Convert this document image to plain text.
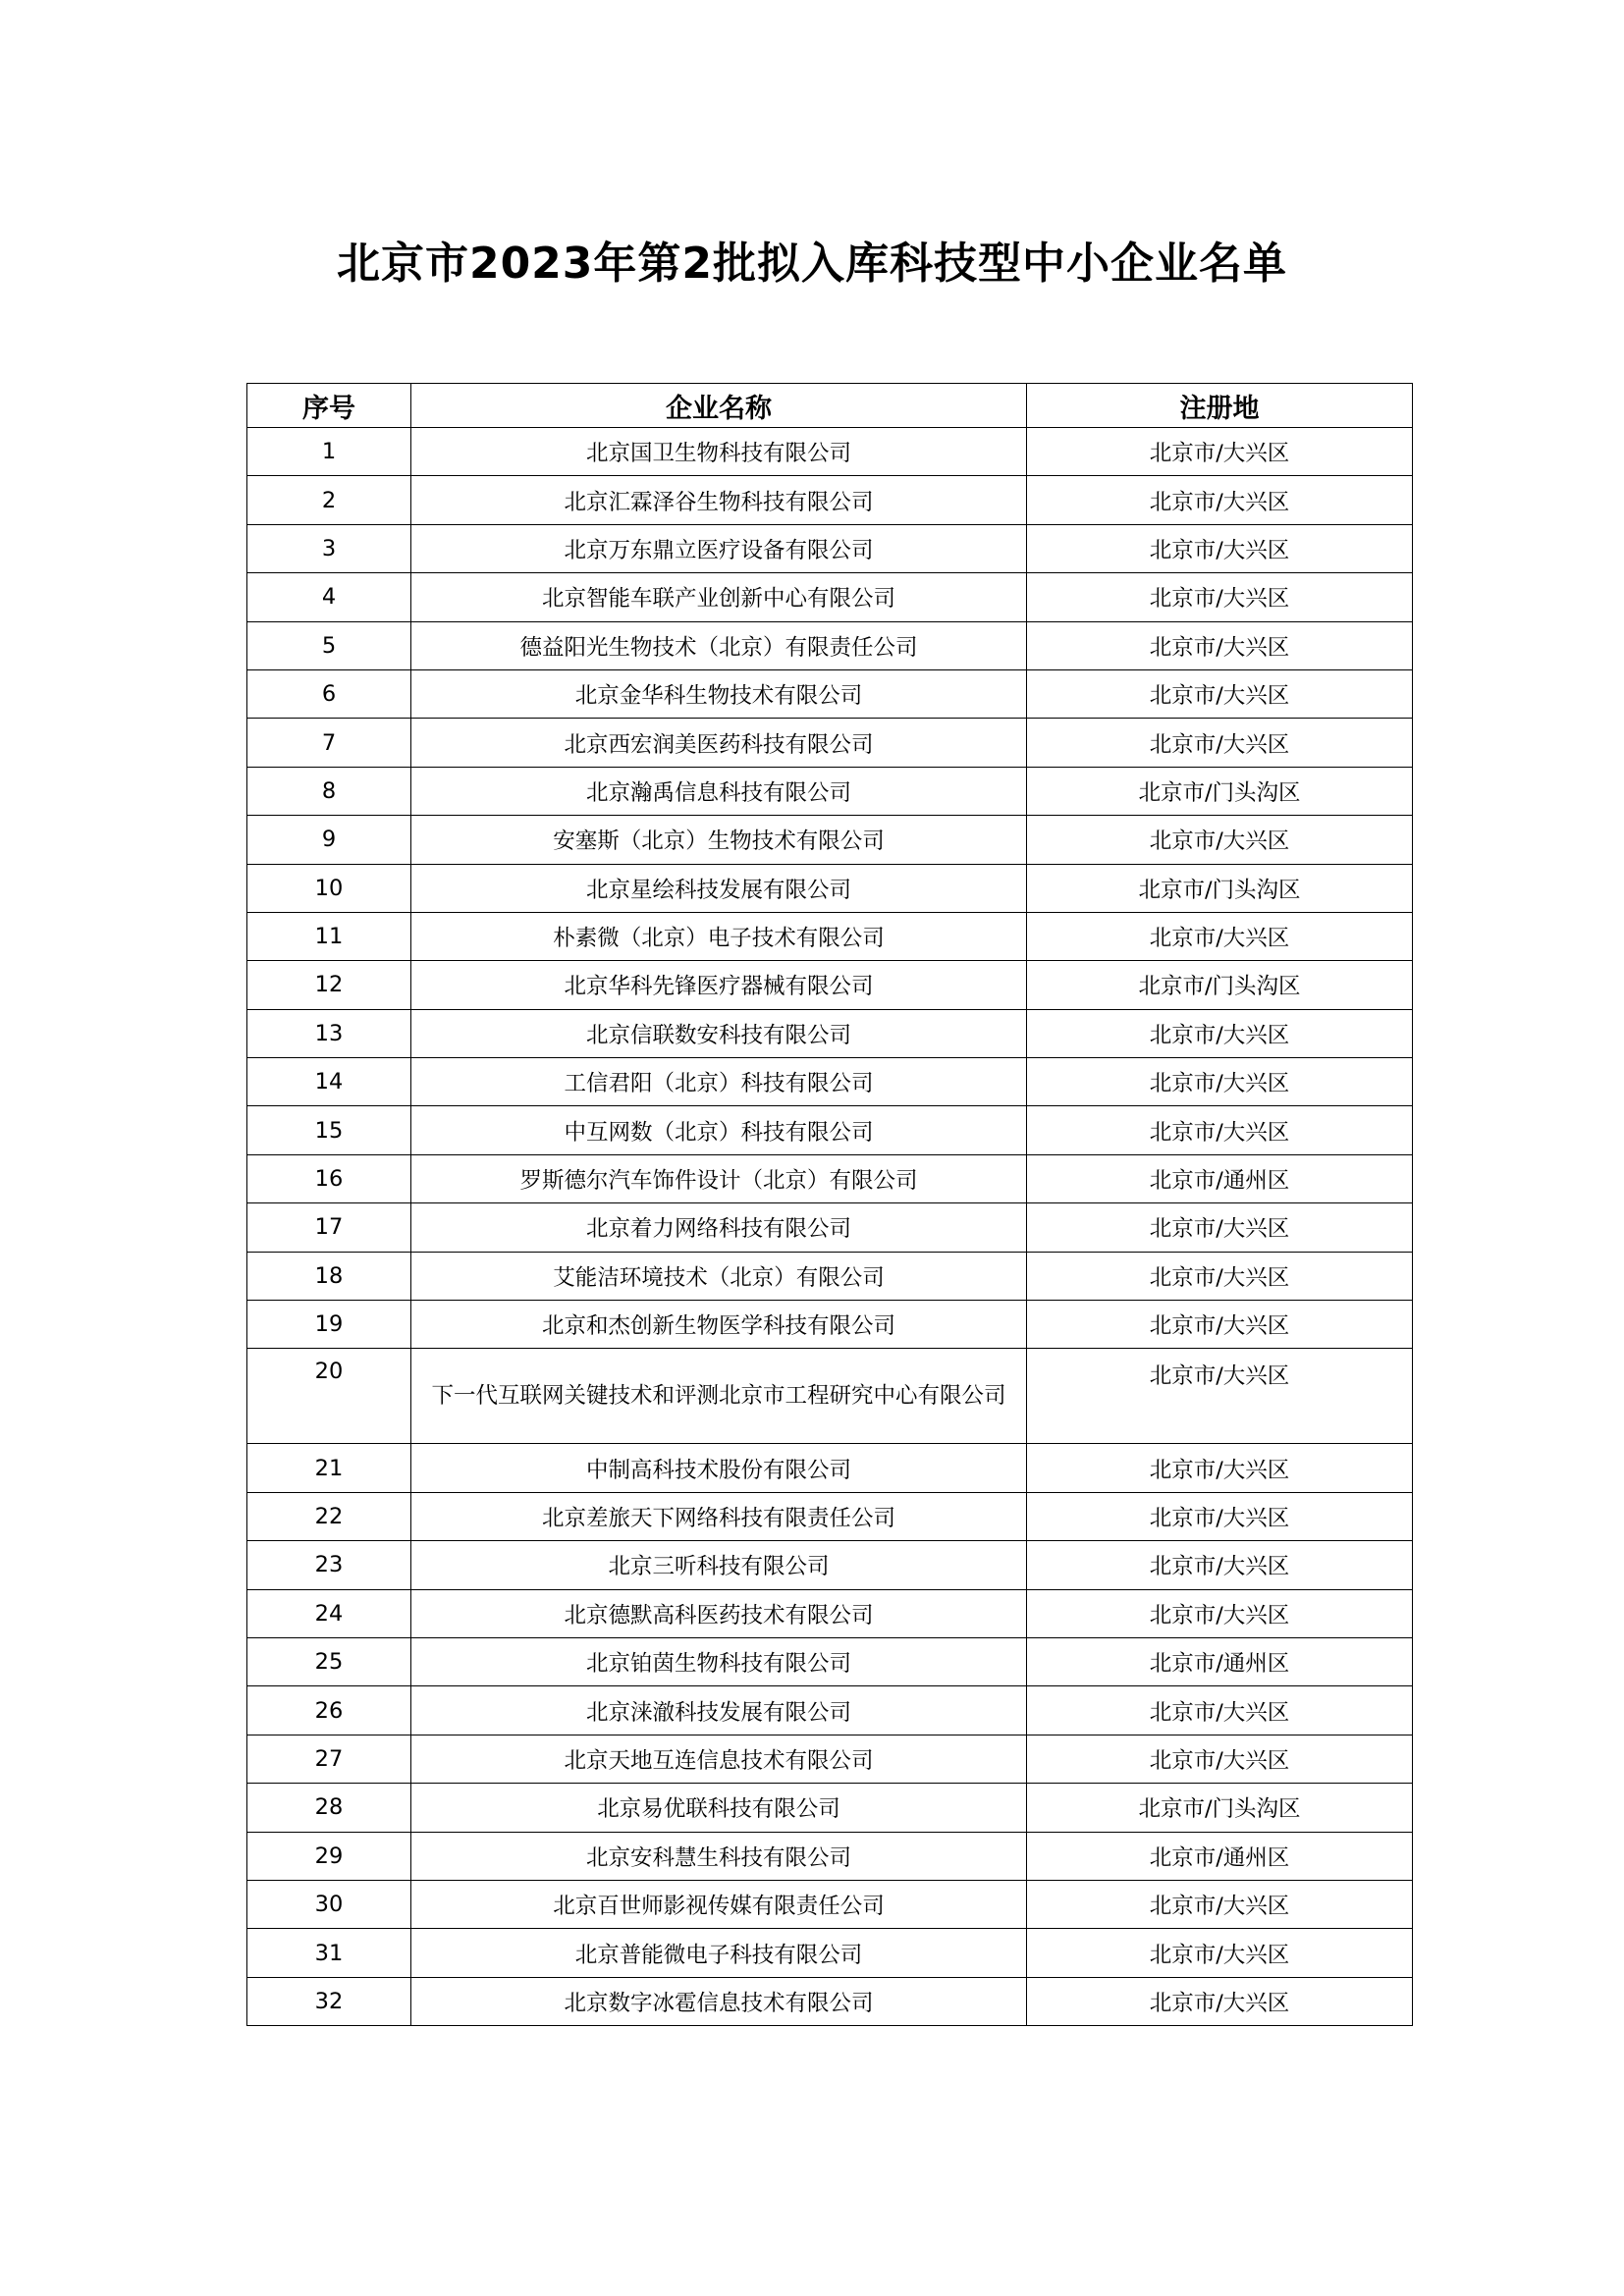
北京市2023年第2批拟入库科技型中小企业名单
序号	企业名称	注册地
1	北京国卫生物科技有限公司	北京市/大兴区
2	北京汇霖泽谷生物科技有限公司	北京市/大兴区
3	北京万东鼎立医疗设备有限公司	北京市/大兴区
4	北京智能车联产业创新中心有限公司	北京市/大兴区
5	德益阳光生物技术（北京）有限责任公司	北京市/大兴区
6	北京金华科生物技术有限公司	北京市/大兴区
7	北京西宏润美医药科技有限公司	北京市/大兴区
8	北京瀚禹信息科技有限公司	北京市/门头沟区
9	安塞斯（北京）生物技术有限公司	北京市/大兴区
10	北京星绘科技发展有限公司	北京市/门头沟区
11	朴素微（北京）电子技术有限公司	北京市/大兴区
12	北京华科先锋医疗器械有限公司	北京市/门头沟区
13	北京信联数安科技有限公司	北京市/大兴区
14	工信君阳（北京）科技有限公司	北京市/大兴区
15	中互网数（北京）科技有限公司	北京市/大兴区
16	罗斯德尔汽车饰件设计（北京）有限公司	北京市/通州区
17	北京着力网络科技有限公司	北京市/大兴区
18	艾能洁环境技术（北京）有限公司	北京市/大兴区
19	北京和杰创新生物医学科技有限公司	北京市/大兴区
20	下一代互联网关键技术和评测北京市工程研究中心有限公司	北京市/大兴区
21	中制高科技术股份有限公司	北京市/大兴区
22	北京差旅天下网络科技有限责任公司	北京市/大兴区
23	北京三听科技有限公司	北京市/大兴区
24	北京德默高科医药技术有限公司	北京市/大兴区
25	北京铂茵生物科技有限公司	北京市/通州区
26	北京涞澈科技发展有限公司	北京市/大兴区
27	北京天地互连信息技术有限公司	北京市/大兴区
28	北京易优联科技有限公司	北京市/门头沟区
29	北京安科慧生科技有限公司	北京市/通州区
30	北京百世师影视传媒有限责任公司	北京市/大兴区
31	北京普能微电子科技有限公司	北京市/大兴区
32	北京数字冰雹信息技术有限公司	北京市/大兴区
